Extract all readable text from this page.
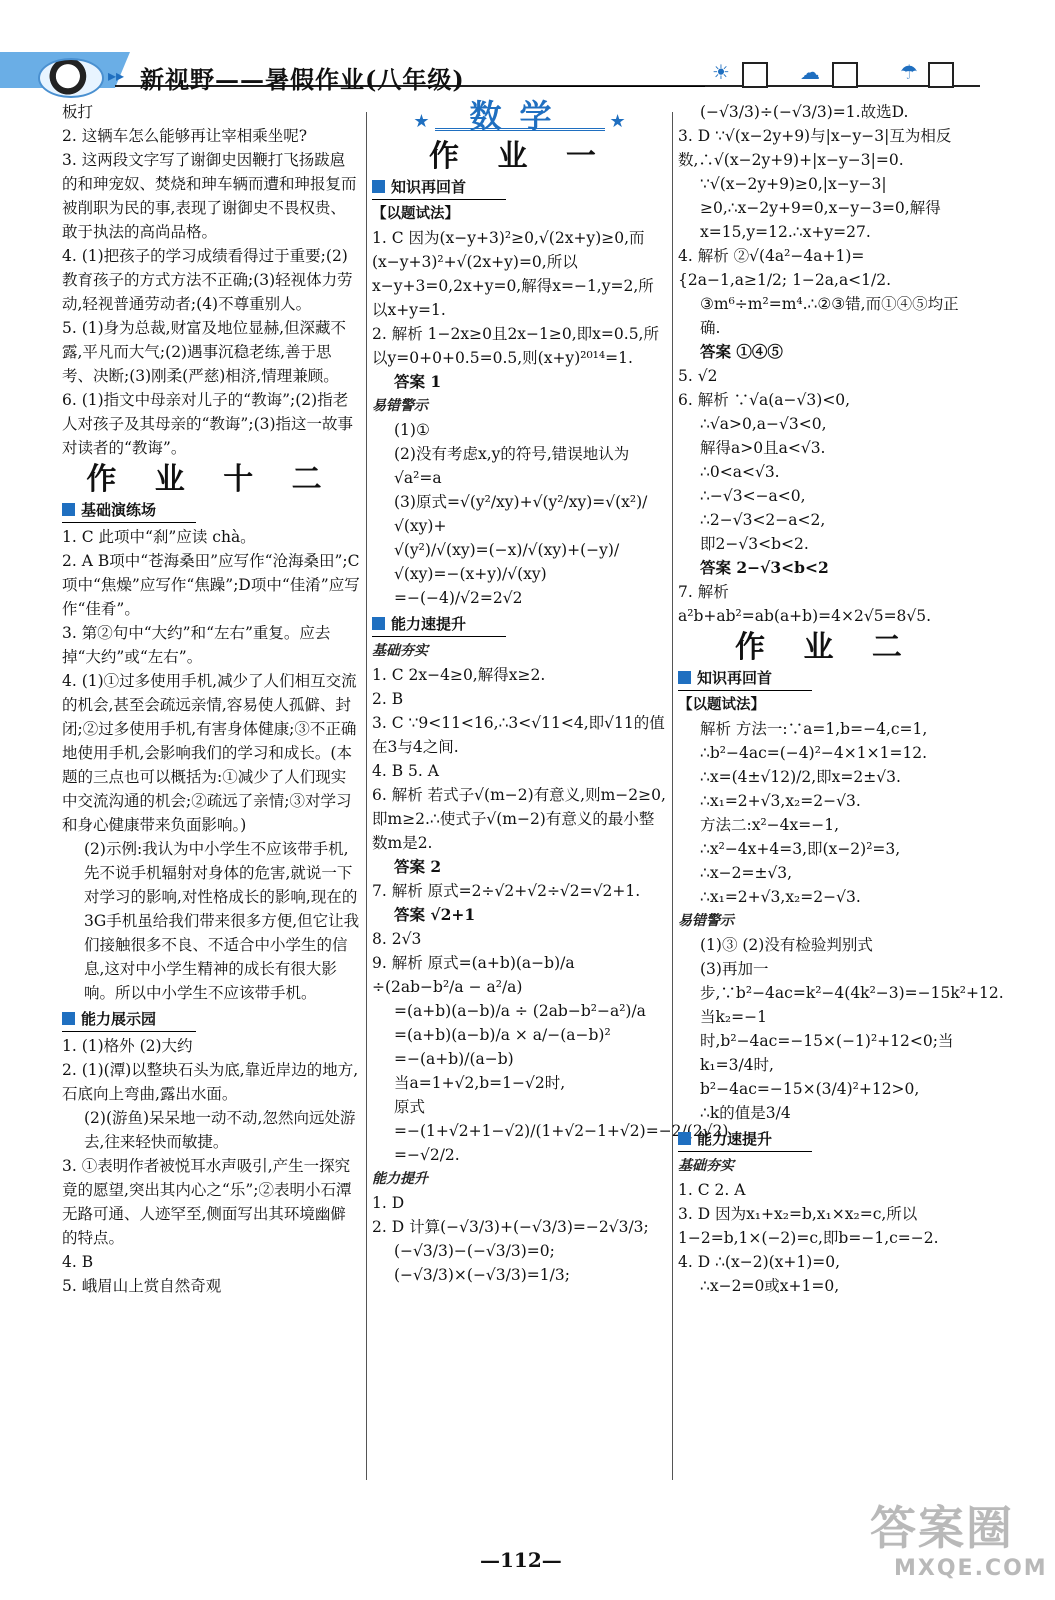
▸▸ 新视野——暑假作业(八年级)	☀	☁	☂

板打

2. 这辆车怎么能够再让宰相乘坐呢?

3. 这两段文字写了谢御史因鞭打飞扬跋扈的和珅宠奴、焚烧和珅车辆而遭和珅报复而被削职为民的事,表现了谢御史不畏权贵、敢于执法的高尚品格。

4. (1)把孩子的学习成绩看得过于重要;(2)教育孩子的方式方法不正确;(3)轻视体力劳动,轻视普通劳动者;(4)不尊重别人。

5. (1)身为总裁,财富及地位显赫,但深藏不露,平凡而大气;(2)遇事沉稳老练,善于思考、决断;(3)刚柔(严慈)相济,情理兼顾。

6. (1)指文中母亲对儿子的“教诲”;(2)指老人对孩子及其母亲的“教诲”;(3)指这一故事对读者的“教诲”。

作 业 十 二
基础演练场

1. C 此项中“刹”应读 chà。

2. A B项中“苍海桑田”应写作“沧海桑田”;C项中“焦燥”应写作“焦躁”;D项中“佳淆”应写作“佳肴”。

3. 第②句中“大约”和“左右”重复。应去掉“大约”或“左右”。

4. (1)①过多使用手机,减少了人们相互交流的机会,甚至会疏远亲情,容易使人孤僻、封闭;②过多使用手机,有害身体健康;③不正确地使用手机,会影响我们的学习和成长。(本题的三点也可以概括为:①减少了人们现实中交流沟通的机会;②疏远了亲情;③对学习和身心健康带来负面影响。)

(2)示例:我认为中小学生不应该带手机,先不说手机辐射对身体的危害,就说一下对学习的影响,对性格成长的影响,现在的3G手机虽给我们带来很多方便,但它让我们接触很多不良、不适合中小学生的信息,这对中小学生精神的成长有很大影响。所以中小学生不应该带手机。

能力展示园

1. (1)格外 (2)大约

2. (1)(潭)以整块石头为底,靠近岸边的地方,石底向上弯曲,露出水面。

(2)(游鱼)呆呆地一动不动,忽然向远处游去,往来轻快而敏捷。

3. ①表明作者被悦耳水声吸引,产生一探究竟的愿望,突出其内心之“乐”;②表明小石潭无路可通、人迹罕至,侧面写出其环境幽僻的特点。

4. B

5. 峨眉山上赏自然奇观

★ 数学 ★
作 业 一
知识再回首

【以题试法】

1. C 因为(x−y+3)²≥0,√(2x+y)≥0,而(x−y+3)²+√(2x+y)=0,所以x−y+3=0,2x+y=0,解得x=−1,y=2,所以x+y=1.

2. 解析 1−2x≥0且2x−1≥0,即x=0.5,所以y=0+0+0.5=0.5,则(x+y)²⁰¹⁴=1.

答案 1

易错警示

(1)①

(2)没有考虑x,y的符号,错误地认为√a²=a

(3)原式=√(y²/xy)+√(y²/xy)=√(x²)/√(xy)+

√(y²)/√(xy)=(−x)/√(xy)+(−y)/√(xy)=−(x+y)/√(xy)

=−(−4)/√2=2√2

能力速提升

基础夯实

1. C 2x−4≥0,解得x≥2.

2. B

3. C ∵9<11<16,∴3<√11<4,即√11的值在3与4之间.

4. B 5. A

6. 解析 若式子√(m−2)有意义,则m−2≥0,即m≥2.∴使式子√(m−2)有意义的最小整数m是2.

答案 2

7. 解析 原式=2÷√2+√2÷√2=√2+1.

答案 √2+1

8. 2√3

9. 解析 原式=(a+b)(a−b)/a ÷(2ab−b²/a − a²/a)

=(a+b)(a−b)/a ÷ (2ab−b²−a²)/a

=(a+b)(a−b)/a × a/−(a−b)²

=−(a+b)/(a−b)

当a=1+√2,b=1−√2时,

原式=−(1+√2+1−√2)/(1+√2−1+√2)=−2/(2√2)

=−√2/2.

能力提升

1. D

2. D 计算(−√3/3)+(−√3/3)=−2√3/3;

(−√3/3)−(−√3/3)=0;

(−√3/3)×(−√3/3)=1/3;

(−√3/3)÷(−√3/3)=1.故选D.

3. D ∵√(x−2y+9)与|x−y−3|互为相反数,∴√(x−2y+9)+|x−y−3|=0.

∵√(x−2y+9)≥0,|x−y−3|≥0,∴x−2y+9=0,x−y−3=0,解得x=15,y=12.∴x+y=27.

4. 解析 ②√(4a²−4a+1)={2a−1,a≥1/2; 1−2a,a<1/2.

③m⁶÷m²=m⁴.∴②③错,而①④⑤均正确.

答案 ①④⑤

5. √2

6. 解析 ∵√a(a−√3)<0,

∴√a>0,a−√3<0,

解得a>0且a<√3.

∴0<a<√3.

∴−√3<−a<0,

∴2−√3<2−a<2,

即2−√3<b<2.

答案 2−√3<b<2

7. 解析 a²b+ab²=ab(a+b)=4×2√5=8√5.

作 业 二
知识再回首

【以题试法】

解析 方法一:∵a=1,b=−4,c=1,

∴b²−4ac=(−4)²−4×1×1=12.

∴x=(4±√12)/2,即x=2±√3.

∴x₁=2+√3,x₂=2−√3.

方法二:x²−4x=−1,

∴x²−4x+4=3,即(x−2)²=3,

∴x−2=±√3,

∴x₁=2+√3,x₂=2−√3.

易错警示

(1)③ (2)没有检验判别式

(3)再加一步,∵b²−4ac=k²−4(4k²−3)=−15k²+12.

当k₂=−1时,b²−4ac=−15×(−1)²+12<0;当k₁=3/4时,

b²−4ac=−15×(3/4)²+12>0,

∴k的值是3/4

能力速提升

基础夯实

1. C 2. A

3. D 因为x₁+x₂=b,x₁×x₂=c,所以1−2=b,1×(−2)=c,即b=−1,c=−2.

4. D ∴(x−2)(x+1)=0,

∴x−2=0或x+1=0,

—112—
答案圈
MXQE.COM
